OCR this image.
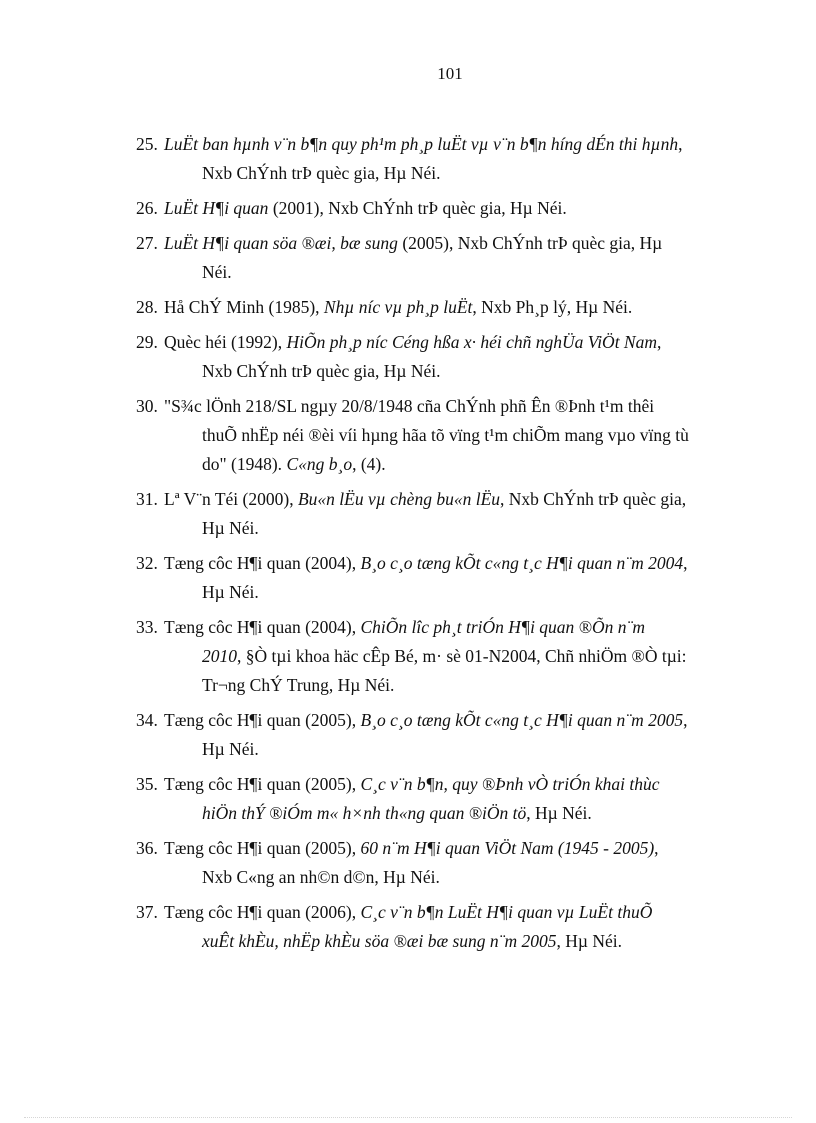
101
25. LuËt ban hµnh v¨n b¶n quy ph¹m ph¸p luËt vµ v¨n b¶n híng dÉn thi hµnh,
Nxb ChÝnh trÞ quèc gia, Hµ Néi.
26. LuËt H¶i quan (2001), Nxb ChÝnh trÞ quèc gia, Hµ Néi.
27. LuËt H¶i quan söa ®æi, bæ sung (2005), Nxb ChÝnh trÞ quèc gia, Hµ
Néi.
28. Hå ChÝ Minh (1985), Nhµ níc vµ ph¸p luËt, Nxb Ph¸p lý, Hµ Néi.
29. Quèc héi (1992), HiÕn ph¸p níc Céng hßa x· héi chñ nghÜa ViÖt Nam,
Nxb ChÝnh trÞ quèc gia, Hµ Néi.
30. "S¾c lÖnh 218/SL ngµy 20/8/1948 cña ChÝnh phñ Ên ®Þnh t¹m thêi
thuÕ nhËp néi ®èi víi hµng hãa tõ vïng t¹m chiÕm mang vµo vïng tù
do" (1948). C«ng b¸o, (4).
31. Lª V¨n Téi (2000), Bu«n lËu vµ chèng bu«n lËu, Nxb ChÝnh trÞ quèc gia,
Hµ Néi.
32. Tæng côc H¶i quan (2004), B¸o c¸o tæng kÕt c«ng t¸c H¶i quan n¨m 2004,
Hµ Néi.
33. Tæng côc H¶i quan (2004), ChiÕn lîc ph¸t triÓn H¶i quan ®Õn n¨m
2010, §Ò tµi khoa häc cÊp Bé, m· sè 01-N2004, Chñ nhiÖm ®Ò tµi:
Tr¬ng ChÝ Trung, Hµ Néi.
34. Tæng côc H¶i quan (2005), B¸o c¸o tæng kÕt c«ng t¸c H¶i quan n¨m 2005,
Hµ Néi.
35. Tæng côc H¶i quan (2005), C¸c v¨n b¶n, quy ®Þnh vÒ triÓn khai thùc
hiÖn thÝ ®iÓm m« h×nh th«ng quan ®iÖn tö, Hµ Néi.
36. Tæng côc H¶i quan (2005), 60 n¨m H¶i quan ViÖt Nam (1945 - 2005),
Nxb C«ng an nh©n d©n, Hµ Néi.
37. Tæng côc H¶i quan (2006), C¸c v¨n b¶n LuËt H¶i quan vµ LuËt thuÕ
xuÊt khÈu, nhËp khÈu söa ®æi bæ sung n¨m 2005, Hµ Néi.
